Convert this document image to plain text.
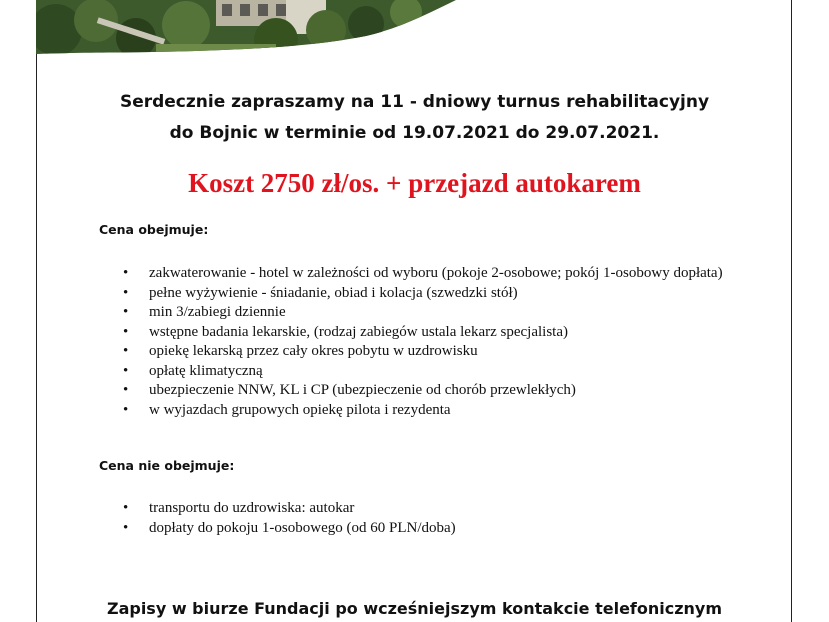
Serdecznie zapraszamy na 11 - dniowy turnus rehabilitacyjny
do Bojnic w terminie od 19.07.2021 do 29.07.2021.
Koszt 2750 zł/os. + przejazd autokarem
Cena obejmuje:
• zakwaterowanie - hotel w zależności od wyboru (pokoje 2-osobowe; pokój 1-osobowy dopłata)
• pełne wyżywienie - śniadanie, obiad i kolacja (szwedzki stół)
• min 3/zabiegi dziennie
• wstępne badania lekarskie, (rodzaj zabiegów ustala lekarz specjalista)
• opiekę lekarską przez cały okres pobytu w uzdrowisku
• opłatę klimatyczną
• ubezpieczenie NNW, KL i CP (ubezpieczenie od chorób przewlekłych)
• w wyjazdach grupowych opiekę pilota i rezydenta
Cena nie obejmuje:
• transportu do uzdrowiska: autokar
• dopłaty do pokoju 1-osobowego (od 60 PLN/doba)
Zapisy w biurze Fundacji po wcześniejszym kontakcie telefonicznym
